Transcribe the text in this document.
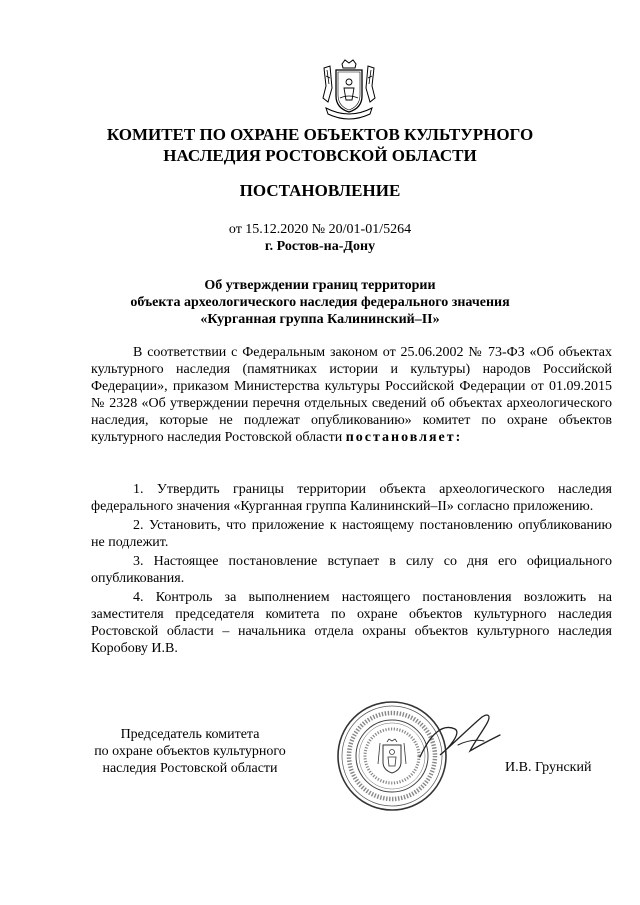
КОМИТЕТ ПО ОХРАНЕ ОБЪЕКТОВ КУЛЬТУРНОГО
НАСЛЕДИЯ РОСТОВСКОЙ ОБЛАСТИ
ПОСТАНОВЛЕНИЕ
от 15.12.2020 № 20/01-01/5264
г. Ростов-на-Дону
Об утверждении границ территории
объекта археологического наследия федерального значения
«Курганная группа Калининский–II»
В соответствии с Федеральным законом от 25.06.2002 № 73-ФЗ «Об объектах культурного наследия (памятниках истории и культуры) народов Российской Федерации», приказом Министерства культуры Российской Федерации от 01.09.2015 № 2328 «Об утверждении перечня отдельных сведений об объектах археологического наследия, которые не подлежат опубликованию» комитет по охране объектов культурного наследия Ростовской области постановляет:

1. Утвердить границы территории объекта археологического наследия федерального значения «Курганная группа Калининский–II» согласно приложению.

2. Установить, что приложение к настоящему постановлению опубликованию не подлежит.

3. Настоящее постановление вступает в силу со дня его официального опубликования.

4. Контроль за выполнением настоящего постановления возложить на заместителя председателя комитета по охране объектов культурного наследия Ростовской области – начальника отдела охраны объектов культурного наследия Коробову И.В.

Председатель комитета
по охране объектов культурного
наследия Ростовской области	И.В. Грунский
